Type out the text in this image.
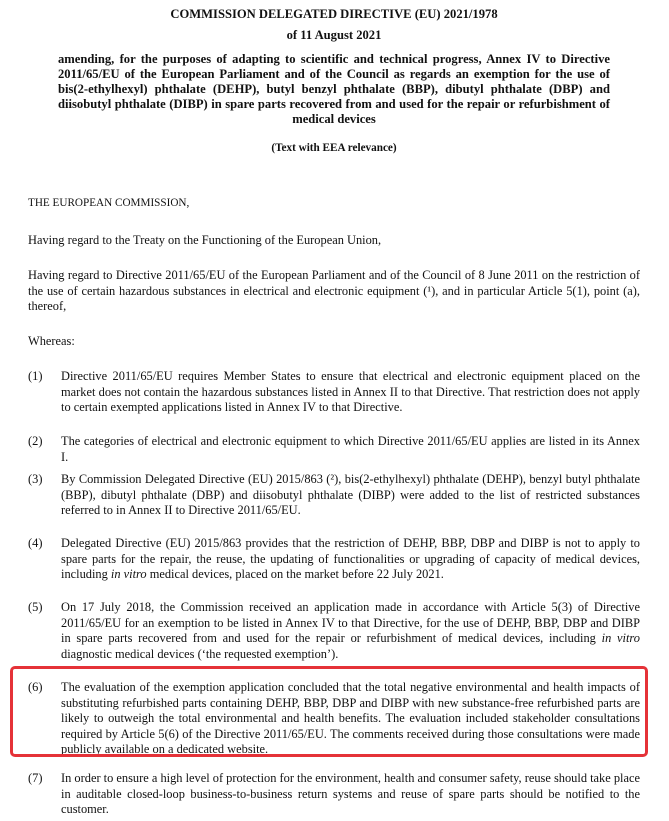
COMMISSION DELEGATED DIRECTIVE (EU) 2021/1978
of 11 August 2021
amending, for the purposes of adapting to scientific and technical progress, Annex IV to Directive 2011/65/EU of the European Parliament and of the Council as regards an exemption for the use of bis(2-ethylhexyl) phthalate (DEHP), butyl benzyl phthalate (BBP), dibutyl phthalate (DBP) and diisobutyl phthalate (DIBP) in spare parts recovered from and used for the repair or refurbishment of medical devices
(Text with EEA relevance)
THE EUROPEAN COMMISSION,
Having regard to the Treaty on the Functioning of the European Union,
Having regard to Directive 2011/65/EU of the European Parliament and of the Council of 8 June 2011 on the restriction of the use of certain hazardous substances in electrical and electronic equipment (¹), and in particular Article 5(1), point (a), thereof,
Whereas:
(1)	Directive 2011/65/EU requires Member States to ensure that electrical and electronic equipment placed on the market does not contain the hazardous substances listed in Annex II to that Directive. That restriction does not apply to certain exempted applications listed in Annex IV to that Directive.
(2)	The categories of electrical and electronic equipment to which Directive 2011/65/EU applies are listed in its Annex I.
(3)	By Commission Delegated Directive (EU) 2015/863 (²), bis(2-ethylhexyl) phthalate (DEHP), benzyl butyl phthalate (BBP), dibutyl phthalate (DBP) and diisobutyl phthalate (DIBP) were added to the list of restricted substances referred to in Annex II to Directive 2011/65/EU.
(4)	Delegated Directive (EU) 2015/863 provides that the restriction of DEHP, BBP, DBP and DIBP is not to apply to spare parts for the repair, the reuse, the updating of functionalities or upgrading of capacity of medical devices, including in vitro medical devices, placed on the market before 22 July 2021.
(5)	On 17 July 2018, the Commission received an application made in accordance with Article 5(3) of Directive 2011/65/EU for an exemption to be listed in Annex IV to that Directive, for the use of DEHP, BBP, DBP and DIBP in spare parts recovered from and used for the repair or refurbishment of medical devices, including in vitro diagnostic medical devices (‘the requested exemption’).
(6)	The evaluation of the exemption application concluded that the total negative environmental and health impacts of substituting refurbished parts containing DEHP, BBP, DBP and DIBP with new substance-free refurbished parts are likely to outweigh the total environmental and health benefits. The evaluation included stakeholder consultations required by Article 5(6) of the Directive 2011/65/EU. The comments received during those consultations were made publicly available on a dedicated website.
(7)	In order to ensure a high level of protection for the environment, health and consumer safety, reuse should take place in auditable closed-loop business-to-business return systems and reuse of spare parts should be notified to the customer.
